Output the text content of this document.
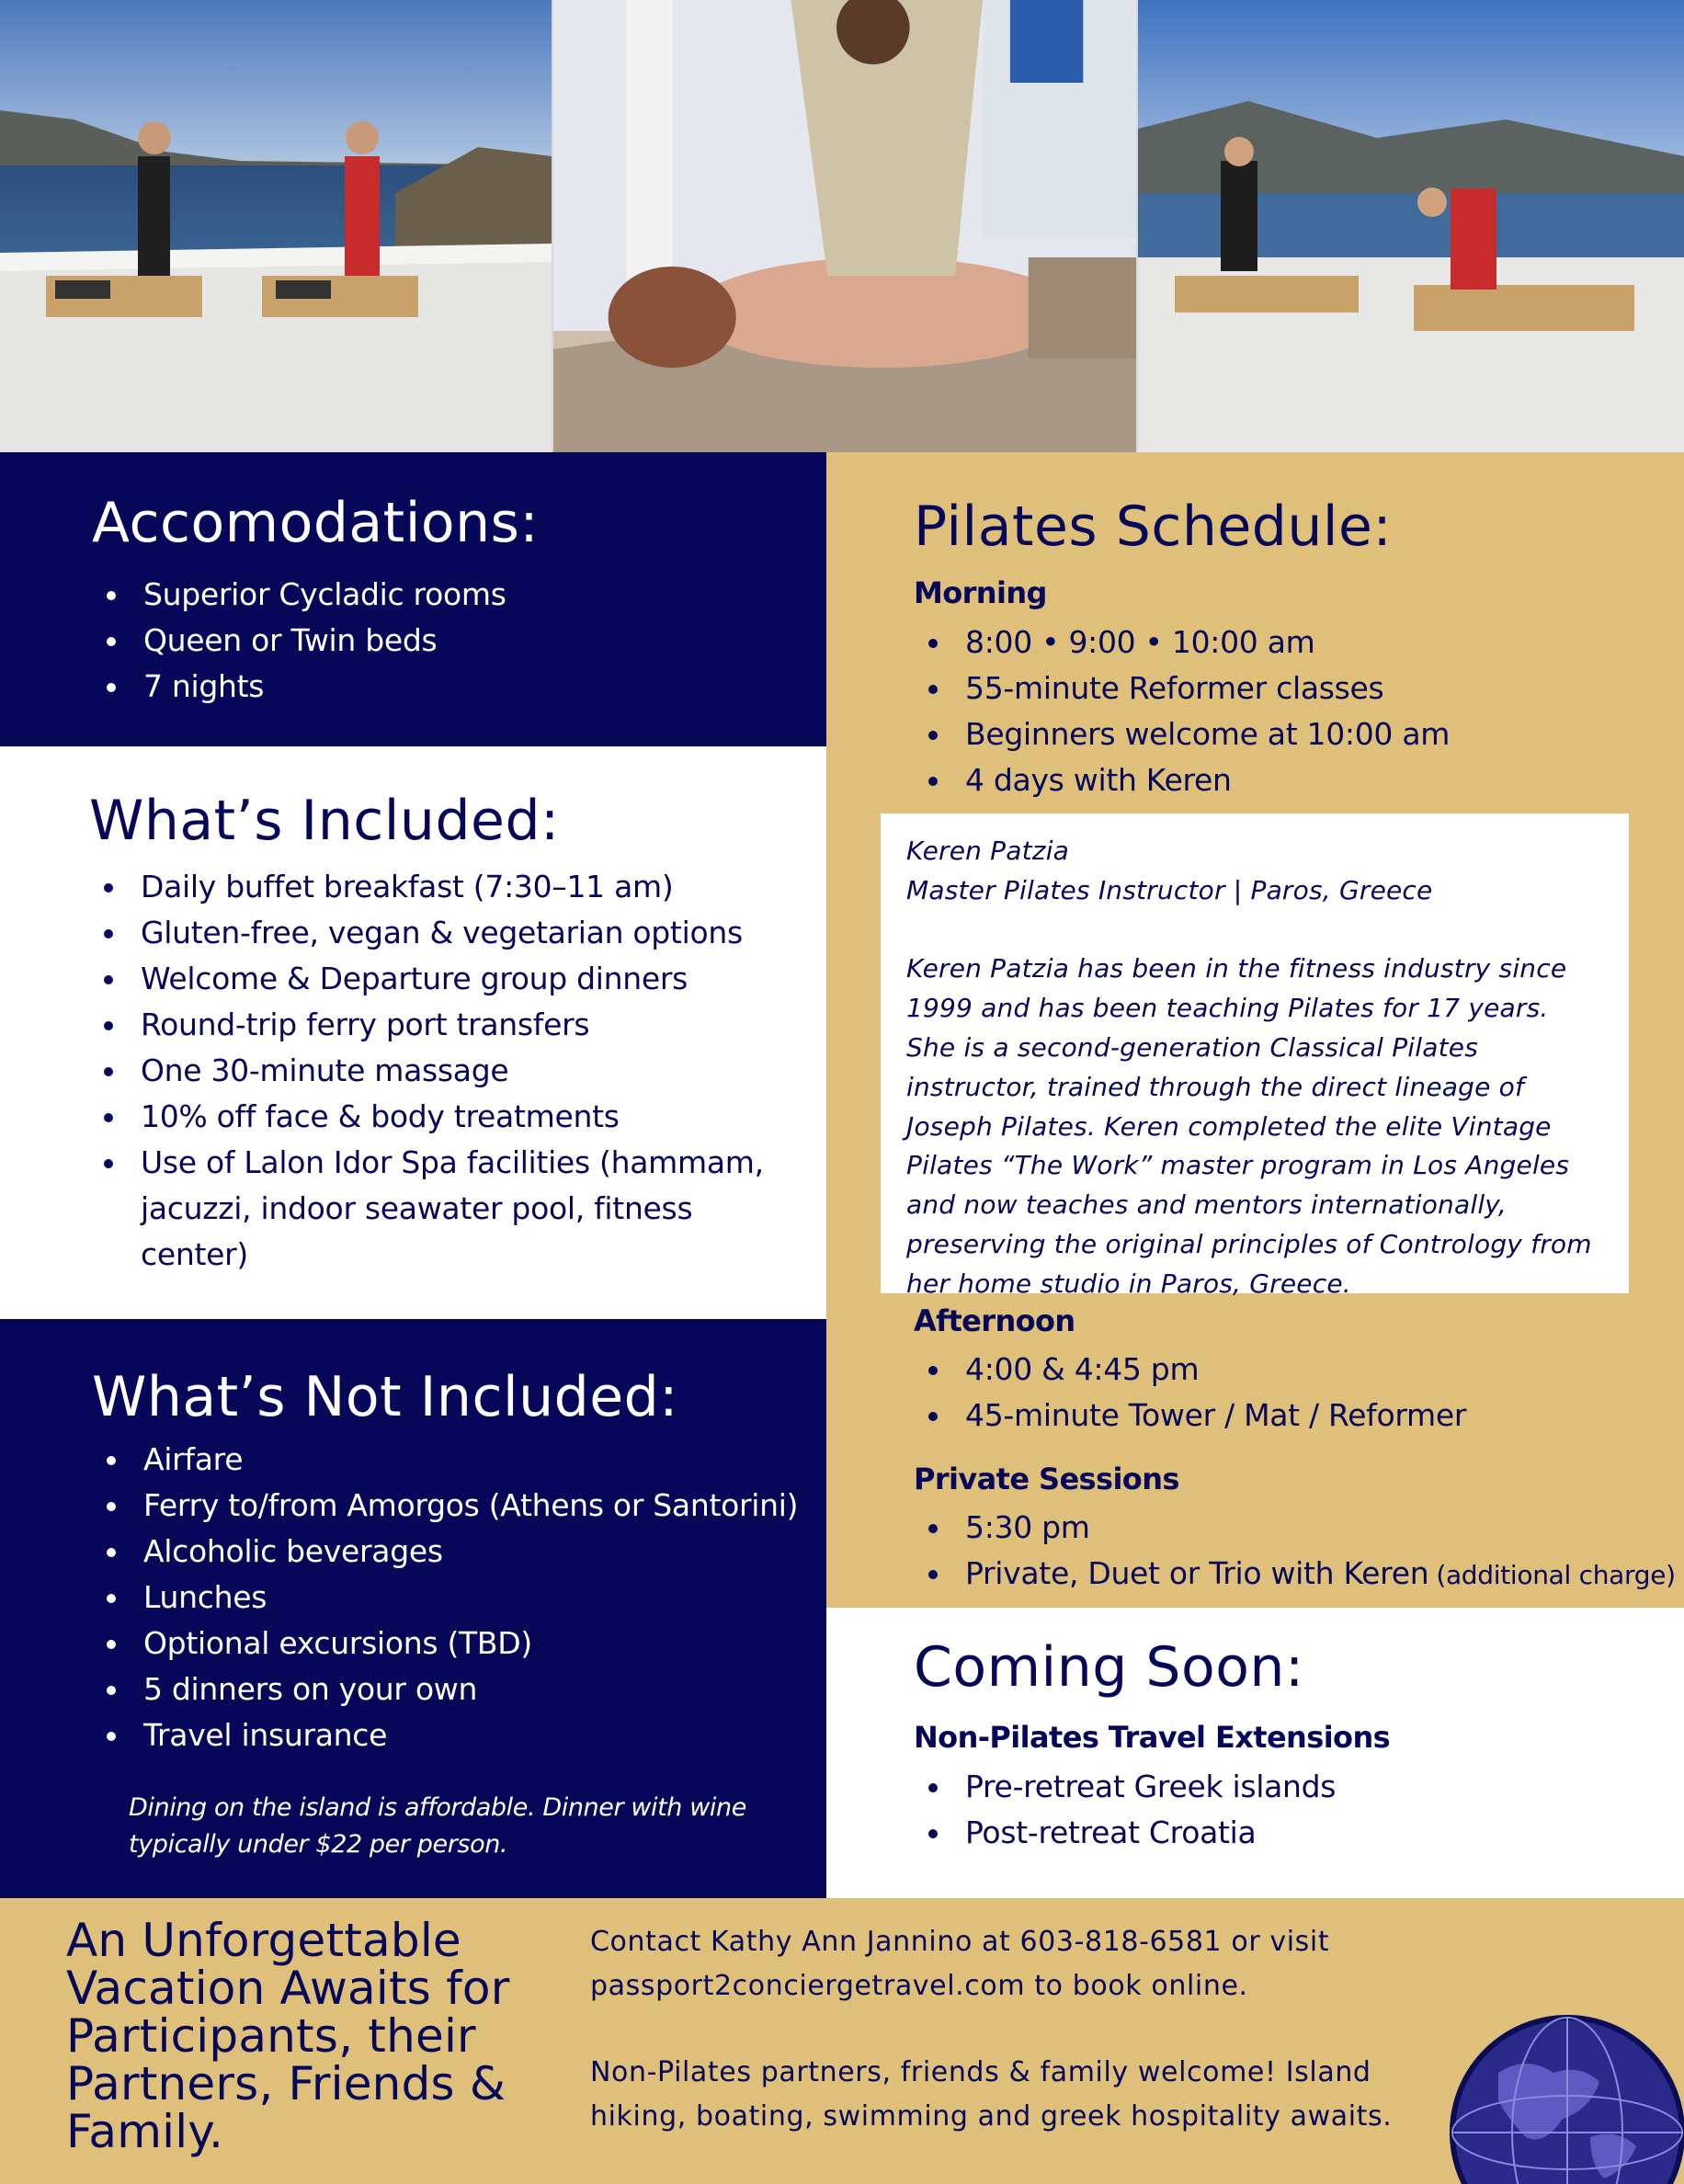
Accomodations:
Superior Cycladic rooms
Queen or Twin beds
7 nights
What’s Included:
Daily buffet breakfast (7:30–11 am)
Gluten-free, vegan & vegetarian options
Welcome & Departure group dinners
Round-trip ferry port transfers
One 30-minute massage
10% off face & body treatments
Use of Lalon Idor Spa facilities (hammam, jacuzzi, indoor seawater pool, fitness center)
What’s Not Included:
Airfare
Ferry to/from Amorgos (Athens or Santorini)
Alcoholic beverages
Lunches
Optional excursions (TBD)
5 dinners on your own
Travel insurance

Dining on the island is affordable. Dinner with wine typically under $22 per person.

Pilates Schedule:
Morning
8:00 • 9:00 • 10:00 am
55-minute Reformer classes
Beginners welcome at 10:00 am
4 days with Keren
Keren Patzia
Master Pilates Instructor | Paros, Greece
Keren Patzia has been in the fitness industry since 1999 and has been teaching Pilates for 17 years. She is a second-generation Classical Pilates instructor, trained through the direct lineage of Joseph Pilates. Keren completed the elite Vintage Pilates “The Work” master program in Los Angeles and now teaches and mentors internationally, preserving the original principles of Contrology from her home studio in Paros, Greece.
Afternoon
4:00 & 4:45 pm
45-minute Tower / Mat / Reformer
Private Sessions
5:30 pm
Private, Duet or Trio with Keren (additional charge)
Coming Soon:
Non-Pilates Travel Extensions
Pre-retreat Greek islands
Post-retreat Croatia
An Unforgettable Vacation Awaits for Participants, their Partners, Friends & Family.

Contact Kathy Ann Jannino at 603-818-6581 or visit passport2conciergetravel.com to book online.

Non-Pilates partners, friends & family welcome! Island hiking, boating, swimming and greek hospitality awaits.
